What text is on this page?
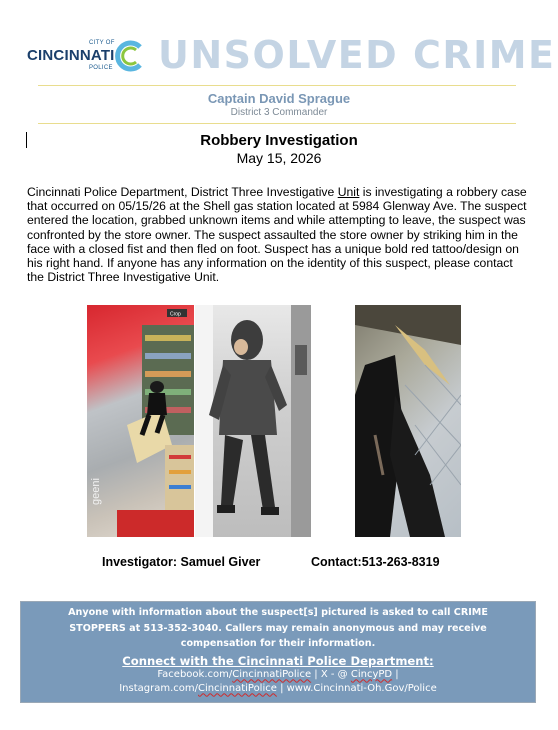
CITY OF
CINCINNATI
POLICE UNSOLVED CRIME
Captain David Sprague
District 3 Commander
Robbery Investigation
May 15, 2026
Cincinnati Police Department, District Three Investigative Unit is investigating a robbery case that occurred on 05/15/26 at the Shell gas station located at 5984 Glenway Ave. The suspect entered the location, grabbed unknown items and while attempting to leave, the suspect was confronted by the store owner. The suspect assaulted the store owner by striking him in the face with a closed fist and then fled on foot. Suspect has a unique bold red tattoo/design on his right hand. If anyone has any information on the identity of this suspect, please contact the District Three Investigative Unit.
geeni
Crop
Investigator: Samuel Giver	Contact:513-263-8319
Anyone with information about the suspect[s] pictured is asked to call CRIME STOPPERS at 513-352-3040. Callers may remain anonymous and may receive compensation for their information.
Connect with the Cincinnati Police Department:
Facebook.com/CincinnatiPolice | X - @ CincyPD |
Instagram.com/CincinnatiPolice | www.Cincinnati-Oh.Gov/Police
